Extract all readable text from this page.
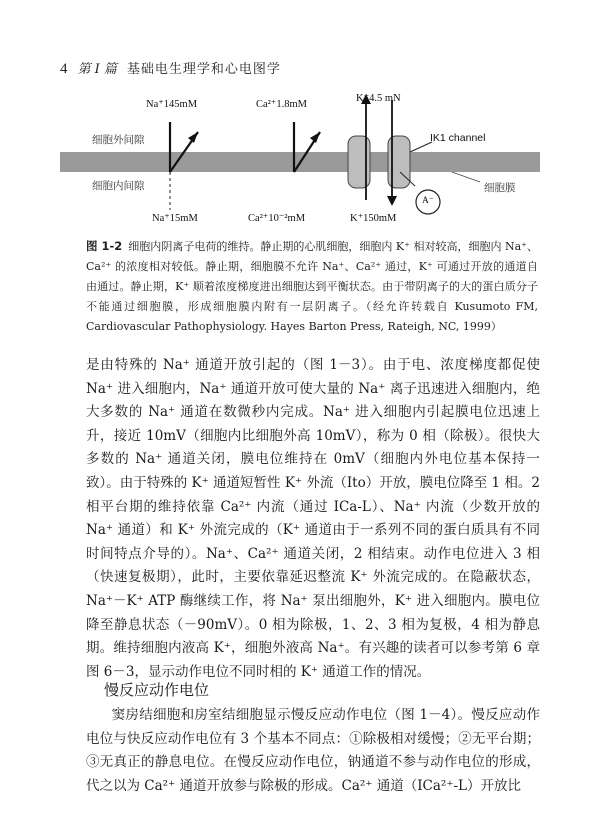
4 第 I 篇 基础电生理学和心电图学
Na⁺145mM
Na⁺15mM
Ca²⁺1.8mM
Ca²⁺10⁻²mM
K⁺4.5 mN
K⁺150mM
IK1 channel
A⁻
细胞外间隙
细胞内间隙	细胞膜
图 1-2 细胞内阴离子电荷的维持。静止期的心肌细胞，细胞内 K⁺ 相对较高，细胞内 Na⁺、Ca²⁺ 的浓度相对较低。静止期，细胞膜不允许 Na⁺、Ca²⁺ 通过，K⁺ 可通过开放的通道自由通过。静止期，K⁺ 顺着浓度梯度进出细胞达到平衡状态。由于带阴离子的大的蛋白质分子不能通过细胞膜，形成细胞膜内附有一层阴离子。（经允许转载自 Kusumoto FM, Cardiovascular Pathophysiology. Hayes Barton Press, Rateigh, NC, 1999）

是由特殊的 Na⁺ 通道开放引起的（图 1－3）。由于电、浓度梯度都促使 Na⁺ 进入细胞内，Na⁺ 通道开放可使大量的 Na⁺ 离子迅速进入细胞内，绝大多数的 Na⁺ 通道在数微秒内完成。Na⁺ 进入细胞内引起膜电位迅速上升，接近 10mV（细胞内比细胞外高 10mV），称为 0 相（除极）。很快大多数的 Na⁺ 通道关闭，膜电位维持在 0mV（细胞内外电位基本保持一致）。由于特殊的 K⁺ 通道短暂性 K⁺ 外流（Ito）开放，膜电位降至 1 相。2 相平台期的维持依靠 Ca²⁺ 内流（通过 ICa-L）、Na⁺ 内流（少数开放的 Na⁺ 通道）和 K⁺ 外流完成的（K⁺ 通道由于一系列不同的蛋白质具有不同时间特点介导的）。Na⁺、Ca²⁺ 通道关闭，2 相结束。动作电位进入 3 相（快速复极期），此时，主要依靠延迟整流 K⁺ 外流完成的。在隐蔽状态，Na⁺－K⁺ ATP 酶继续工作，将 Na⁺ 泵出细胞外，K⁺ 进入细胞内。膜电位降至静息状态（－90mV）。0 相为除极，1、2、3 相为复极，4 相为静息期。维持细胞内液高 K⁺，细胞外液高 Na⁺。有兴趣的读者可以参考第 6 章图 6－3，显示动作电位不同时相的 K⁺ 通道工作的情况。

慢反应动作电位

窦房结细胞和房室结细胞显示慢反应动作电位（图 1－4）。慢反应动作电位与快反应动作电位有 3 个基本不同点：①除极相对缓慢；②无平台期；③无真正的静息电位。在慢反应动作电位，钠通道不参与动作电位的形成，代之以为 Ca²⁺ 通道开放参与除极的形成。Ca²⁺ 通道（ICa²⁺-L）开放比
